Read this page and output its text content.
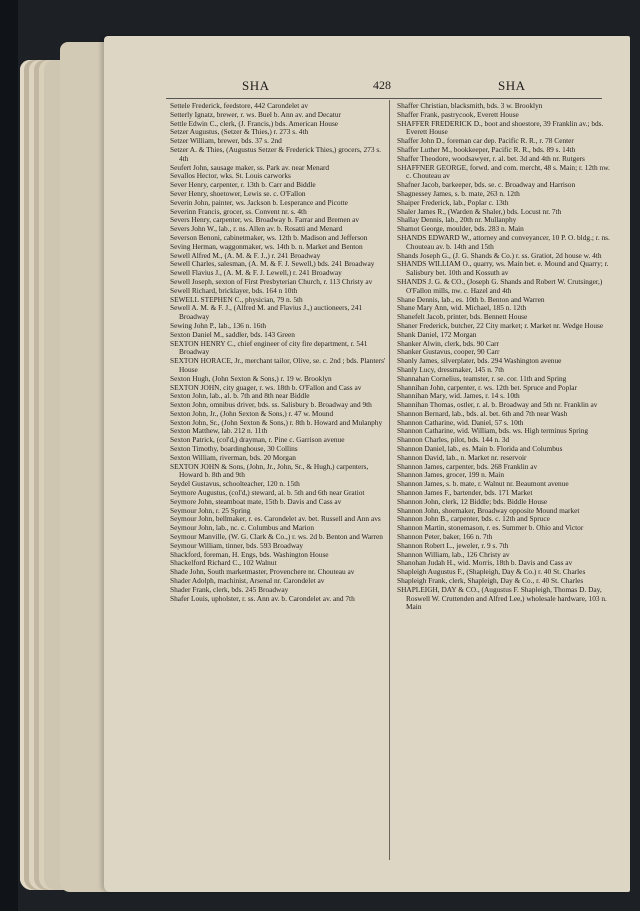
SHA	428	SHA
Settele Frederick, feedstore, 442 Carondelet av
Setterly Ignatz, brewer, r. ws. Buel b. Ann av. and Decatur
Settle Edwin C., clerk, (J. Francis,) bds. American House
Setzer Augustus, (Setzer & Thies,) r. 273 s. 4th
Setzer William, brewer, bds. 37 s. 2nd
Setzer A. & Thies, (Augustus Setzer & Frederick Thies,) grocers, 273 s. 4th
Seufert John, sausage maker, ss. Park av. near Menard
Sevallos Hector, wks. St. Louis carworks
Sever Henry, carpenter, r. 13th b. Carr and Biddle
Sever Henry, shoetower, Lewis se. c. O'Fallon
Severin John, painter, ws. Jackson b. Lesperance and Picotte
Severinn Francis, grocer, ss. Convent nr. s. 4th
Severs Henry, carpenter, ws. Broadway b. Farrar and Bremen av
Severs John W., lab., r. ns. Allen av. b. Rosatti and Menard
Severson Benoni, cabinetmaker, ws. 12th b. Madison and Jefferson
Seving Herman, waggonmaker, ws. 14th b. n. Market and Benton
Sewell Alfred M., (A. M. & F. J.,) r. 241 Broadway
Sewell Charles, salesman, (A. M. & F. J. Sewell,) bds. 241 Broadway
Sewell Flavius J., (A. M. & F. J. Lewell,) r. 241 Broadway
Sewell Joseph, sexton of First Presbyterian Church, r. 113 Christy av
Sewell Richard, bricklayer, bds. 164 n 10th
SEWELL STEPHEN C., physician, 79 n. 5th
Sewell A. M. & F. J., (Alfred M. and Flavius J.,) auctioneers, 241 Broadway
Sewing John P., lab., 136 n. 16th
Sexton Daniel M., saddler, bds. 143 Green
SEXTON HENRY C., chief engineer of city fire department, r. 541 Broadway
SEXTON HORACE, Jr., merchant tailor, Olive, se. c. 2nd ; bds. Planters' House
Sexton Hugh, (John Sexton & Sons,) r. 19 w. Brooklyn
SEXTON JOHN, city guager, r. ws. 18th b. O'Fallon and Cass av
Sexton John, lab., al. b. 7th and 8th near Biddle
Sexton John, omnibus driver, bds. ss. Salisbury b. Broadway and 9th
Sexton John, Jr., (John Sexton & Sons,) r. 47 w. Mound
Sexton John, Sr., (John Sexton & Sons,) r. 8th b. Howard and Mulanphy
Sexton Matthew, lab. 212 n. 11th
Sexton Patrick, (col'd,) drayman, r. Pine c. Garrison avenue
Sexton Timothy, boardinghouse, 30 Collins
Sexton William, riverman, bds. 20 Morgan
SEXTON JOHN & Sons, (John, Jr., John, Sr., & Hugh,) carpenters, Howard b. 8th and 9th
Seydel Gustavus, schoolteacher, 120 n. 15th
Seymore Augustus, (col'd,) steward, al. b. 5th and 6th near Gratiot
Seymore John, steamboat mate, 15th b. Davis and Cass av
Seymour John, r. 25 Spring
Seymour John, bellmaker, r. es. Carondelet av. bet. Russell and Ann avs
Seymour John, lab., nc. c. Columbus and Marion
Seymour Manville, (W. G. Clark & Co.,) r. ws. 2d b. Benton and Warren
Seymour William, tinner, bds. 593 Broadway
Shackford, foreman, H. Engs, bds. Washington House
Shackelford Richard C., 102 Walnut
Shade John, South marketmaster, Provenchere nr. Chouteau av
Shader Adolph, machinist, Arsenal nr. Carondelet av
Shader Frank, clerk, bds. 245 Broadway
Shafer Louis, upholster, r. ss. Ann av. b. Carondelet av. and 7th
Shaffer Christian, blacksmith, bds. 3 w. Brooklyn
Shaffer Frank, pastrycook, Everett House
SHAFFER FREDERICK D., boot and shoestore, 39 Franklin av.; bds. Everett House
Shaffer John D., foreman car dep. Pacific R. R., r. 78 Center
Shaffer Luther M., bookkeeper, Pacific R. R., bds. 89 s. 14th
Shaffer Theodore, woodsawyer, r. al. bet. 3d and 4th nr. Rutgers
SHAFFNER GEORGE, forwd. and com. mercht, 48 s. Main; r. 12th nw. c. Chouteau av
Shafner Jacob, barkeeper, bds. se. c. Broadway and Harrison
Shagnessey James, s. b. mate, 263 n. 12th
Shaiper Frederick, lab., Poplar c. 13th
Shaler James R., (Warden & Shaler,) bds. Locust nr. 7th
Shallay Dennis, lab., 20th nr. Mullanphy
Shamot George, moulder, bds. 283 n. Main
SHANDS EDWARD W., attorney and conveyancer, 10 P. O. bldg.; r. ns. Chouteau av. b. 14th and 15th
Shands Joseph G., (J. G. Shands & Co.) r. ss. Gratiot, 2d house w. 4th
SHANDS WILLIAM O., quarry, ws. Main bet. e. Mound and Quarry; r. Salisbury bet. 10th and Kossuth av
SHANDS J. G. & CO., (Joseph G. Shands and Robert W. Crutsinger,) O'Fallon mills, nw. c. Hazel and 4th
Shane Dennis, lab., es. 10th b. Benton and Warren
Shane Mary Ann, wid. Michael, 185 n. 12th
Shanefelt Jacob, printer, bds. Bennett House
Shaner Frederick, butcher, 22 City market; r. Market nr. Wedge House
Shank Daniel, 172 Morgan
Shanker Alwin, clerk, bds. 90 Carr
Shanker Gustavus, cooper, 90 Carr
Shanly James, silverplater, bds. 294 Washington avenue
Shanly Lucy, dressmaker, 145 n. 7th
Shannahan Cornelius, teamster, r. se. cor. 11th and Spring
Shannihan John, carpenter, r. ws. 12th bet. Spruce and Poplar
Shannihan Mary, wid. James, r. 14 s. 10th
Shannihan Thomas, ostler, r. al. b. Broadway and 5th nr. Franklin av
Shannon Bernard, lab., bds. al. bet. 6th and 7th near Wash
Shannon Catharine, wid. Daniel, 57 s. 10th
Shannon Catharine, wid. William, bds. ws. High terminus Spring
Shannon Charles, pilot, bds. 144 n. 3d
Shannon Daniel, lab., es. Main b. Florida and Columbus
Shannon David, lab., n. Market nr. reservoir
Shannon James, carpenter, bds. 268 Franklin av
Shannon James, grocer, 199 n. Main
Shannon James, s. b. mate, r. Walnut nr. Beaumont avenue
Shannon James F., bartender, bds. 171 Market
Shannon John, clerk, 12 Biddle; bds. Biddle House
Shannon John, shoemaker, Broadway opposite Mound market
Shannon John B., carpenter, bds. c. 12th and Spruce
Shannon Martin, stonemason, r. es. Summer b. Ohio and Victor
Shannon Peter, baker, 166 n. 7th
Shannon Robert L., jeweler, r. 9 s. 7th
Shannon William, lab., 126 Christy av
Shanohan Judah H., wid. Morris, 18th b. Davis and Cass av
Shapleigh Augustus F., (Shapleigh, Day & Co.) r. 40 St. Charles
Shapleigh Frank, clerk, Shapleigh, Day & Co., r. 40 St. Charles
SHAPLEIGH, DAY & CO., (Augustus F. Shapleigh, Thomas D. Day, Roswell W. Cruttenden and Alfred Lee,) wholesale hardware, 103 n. Main
